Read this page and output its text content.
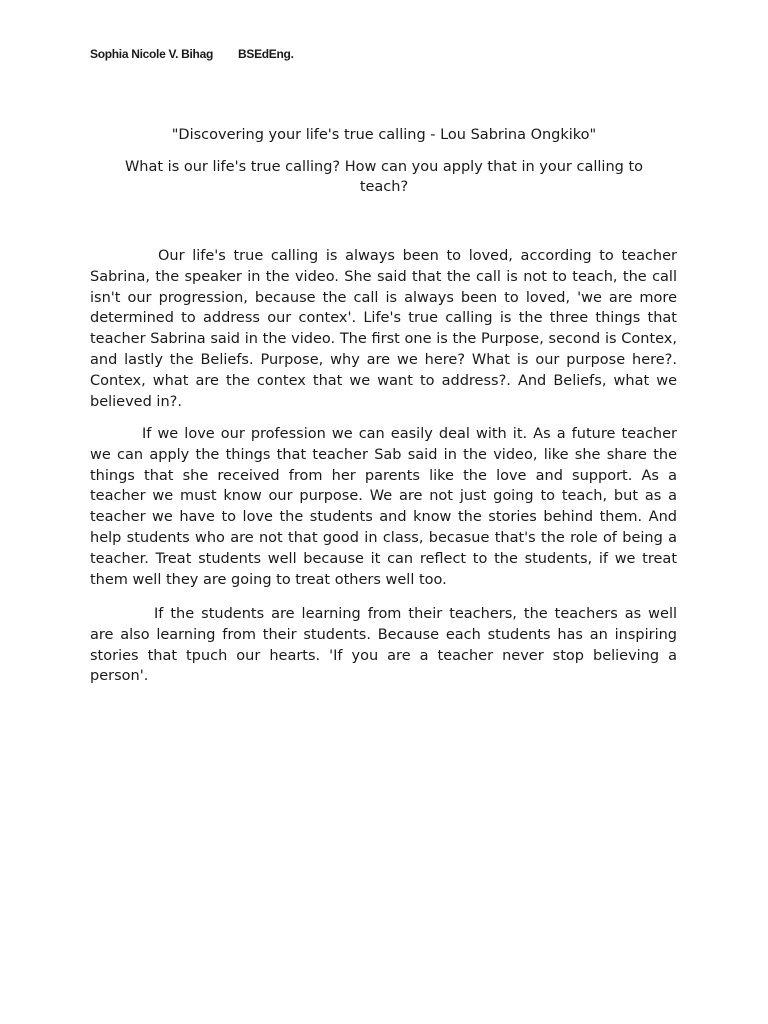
Sophia Nicole V. Bihag BSEdEng.

"Discovering your life's true calling - Lou Sabrina Ongkiko"

What is our life's true calling? How can you apply that in your calling to teach?

Our life's true calling is always been to loved, according to teacher Sabrina, the speaker in the video. She said that the call is not to teach, the call isn't our progression, because the call is always been to loved, 'we are more determined to address our contex'. Life's true calling is the three things that teacher Sabrina said in the video. The first one is the Purpose, second is Contex, and lastly the Beliefs. Purpose, why are we here? What is our purpose here?. Contex, what are the contex that we want to address?. And Beliefs, what we believed in?.

If we love our profession we can easily deal with it. As a future teacher we can apply the things that teacher Sab said in the video, like she share the things that she received from her parents like the love and support. As a teacher we must know our purpose. We are not just going to teach, but as a teacher we have to love the students and know the stories behind them. And help students who are not that good in class, becasue that's the role of being a teacher. Treat students well because it can reflect to the students, if we treat them well they are going to treat others well too.

If the students are learning from their teachers, the teachers as well are also learning from their students. Because each students has an inspiring stories that tpuch our hearts. 'If you are a teacher never stop believing a person'.
